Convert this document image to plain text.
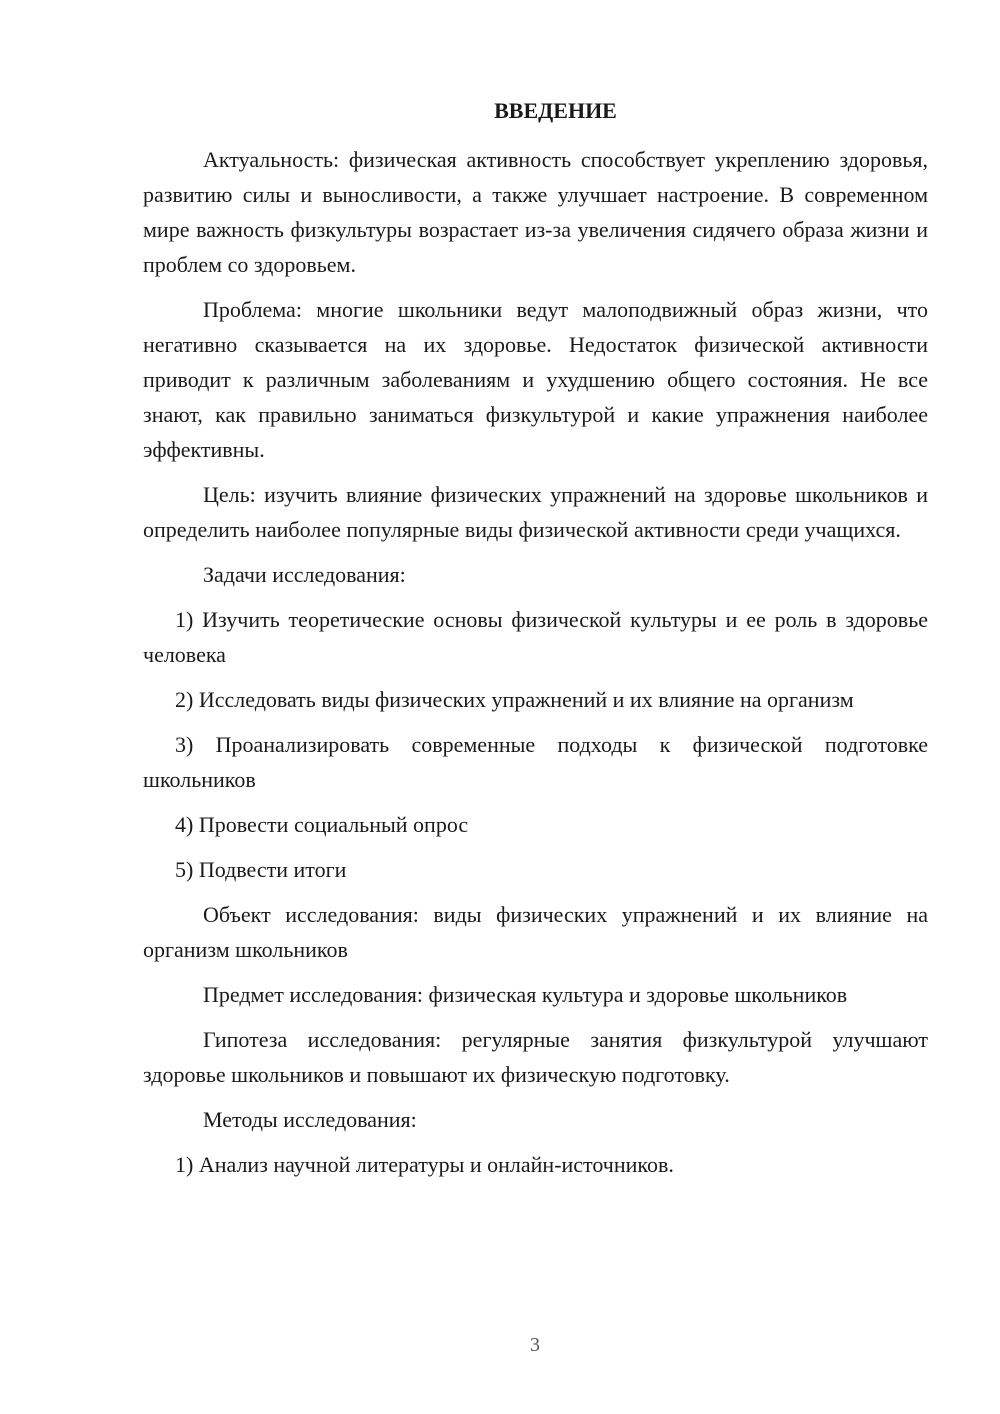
ВВЕДЕНИЕ

Актуальность: физическая активность способствует укреплению здоровья, развитию силы и выносливости, а также улучшает настроение. В современном мире важность физкультуры возрастает из-за увеличения сидячего образа жизни и проблем со здоровьем.

Проблема: многие школьники ведут малоподвижный образ жизни, что негативно сказывается на их здоровье. Недостаток физической активности приводит к различным заболеваниям и ухудшению общего состояния. Не все знают, как правильно заниматься физкультурой и какие упражнения наиболее эффективны.

Цель: изучить влияние физических упражнений на здоровье школьников и определить наиболее популярные виды физической активности среди учащихся.

Задачи исследования:

1) Изучить теоретические основы физической культуры и ее роль в здоровье человека

2) Исследовать виды физических упражнений и их влияние на организм

3) Проанализировать современные подходы к физической подготовке школьников

4) Провести социальный опрос

5) Подвести итоги

Объект исследования: виды физических упражнений и их влияние на организм школьников

Предмет исследования: физическая культура и здоровье школьников

Гипотеза исследования: регулярные занятия физкультурой улучшают здоровье школьников и повышают их физическую подготовку.

Методы исследования:

1) Анализ научной литературы и онлайн-источников.

3
